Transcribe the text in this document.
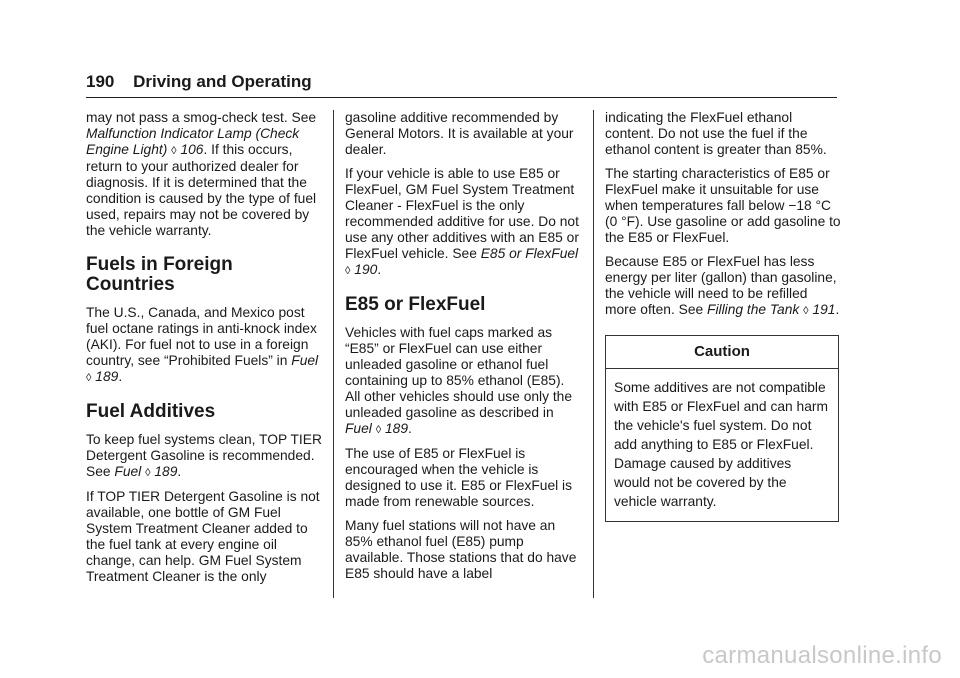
190 Driving and Operating

may not pass a smog-check test. See Malfunction Indicator Lamp (Check Engine Light) ◊ 106. If this occurs, return to your authorized dealer for diagnosis. If it is determined that the condition is caused by the type of fuel used, repairs may not be covered by the vehicle warranty.

Fuels in Foreign Countries

The U.S., Canada, and Mexico post fuel octane ratings in anti-knock index (AKI). For fuel not to use in a foreign country, see “Prohibited Fuels” in Fuel ◊ 189.

Fuel Additives

To keep fuel systems clean, TOP TIER Detergent Gasoline is recommended. See Fuel ◊ 189.

If TOP TIER Detergent Gasoline is not available, one bottle of GM Fuel System Treatment Cleaner added to the fuel tank at every engine oil change, can help. GM Fuel System Treatment Cleaner is the only

gasoline additive recommended by General Motors. It is available at your dealer.

If your vehicle is able to use E85 or FlexFuel, GM Fuel System Treatment Cleaner - FlexFuel is the only recommended additive for use. Do not use any other additives with an E85 or FlexFuel vehicle. See E85 or FlexFuel ◊ 190.

E85 or FlexFuel

Vehicles with fuel caps marked as “E85” or FlexFuel can use either unleaded gasoline or ethanol fuel containing up to 85% ethanol (E85). All other vehicles should use only the unleaded gasoline as described in Fuel ◊ 189.

The use of E85 or FlexFuel is encouraged when the vehicle is designed to use it. E85 or FlexFuel is made from renewable sources.

Many fuel stations will not have an 85% ethanol fuel (E85) pump available. Those stations that do have E85 should have a label

indicating the FlexFuel ethanol content. Do not use the fuel if the ethanol content is greater than 85%.

The starting characteristics of E85 or FlexFuel make it unsuitable for use when temperatures fall below −18 °C (0 °F). Use gasoline or add gasoline to the E85 or FlexFuel.

Because E85 or FlexFuel has less energy per liter (gallon) than gasoline, the vehicle will need to be refilled more often. See Filling the Tank ◊ 191.

Caution
Some additives are not compatible with E85 or FlexFuel and can harm the vehicle's fuel system. Do not add anything to E85 or FlexFuel. Damage caused by additives would not be covered by the vehicle warranty.
carmanualsonline.info
